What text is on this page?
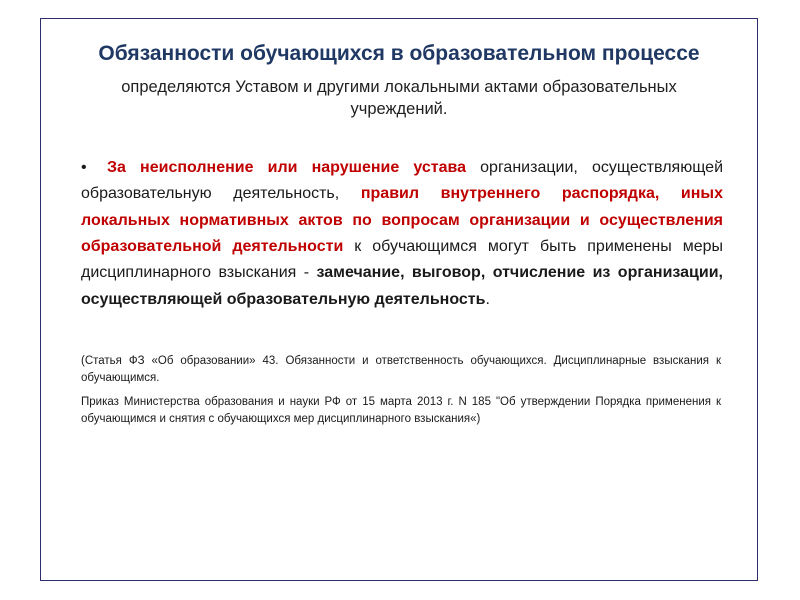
Обязанности обучающихся в образовательном процессе
определяются Уставом и другими локальными актами образовательных учреждений.

• За неисполнение или нарушение устава организации, осуществляющей образовательную деятельность, правил внутреннего распорядка, иных локальных нормативных актов по вопросам организации и осуществления образовательной деятельности к обучающимся могут быть применены меры дисциплинарного взыскания - замечание, выговор, отчисление из организации, осуществляющей образовательную деятельность.

(Статья ФЗ «Об образовании» 43. Обязанности и ответственность обучающихся. Дисциплинарные взыскания к обучающимся.

Приказ Министерства образования и науки РФ от 15 марта 2013 г. N 185 "Об утверждении Порядка применения к обучающимся и снятия с обучающихся мер дисциплинарного взыскания«)
